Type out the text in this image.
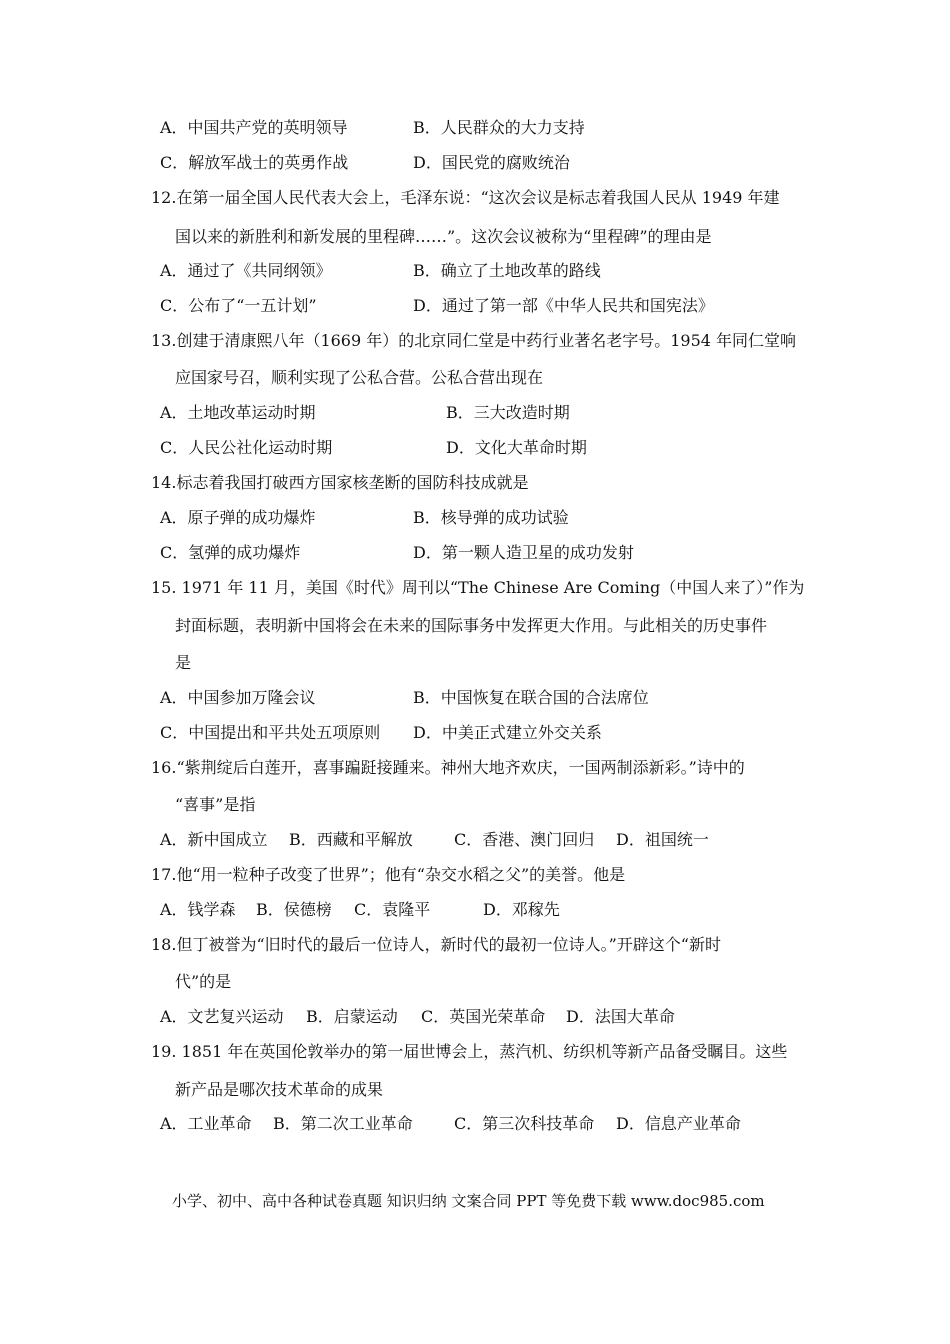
A．中国共产党的英明领导	B．人民群众的大力支持
C．解放军战士的英勇作战	D．国民党的腐败统治
12.在第一届全国人民代表大会上，毛泽东说：“这次会议是标志着我国人民从 1949 年建
国以来的新胜利和新发展的里程碑……”。这次会议被称为“里程碑”的理由是
A．通过了《共同纲领》	B．确立了土地改革的路线
C．公布了“一五计划”	D．通过了第一部《中华人民共和国宪法》
13.创建于清康熙八年（1669 年）的北京同仁堂是中药行业著名老字号。1954 年同仁堂响
应国家号召，顺利实现了公私合营。公私合营出现在
A．土地改革运动时期	B．三大改造时期
C．人民公社化运动时期	D．文化大革命时期
14.标志着我国打破西方国家核垄断的国防科技成就是
A．原子弹的成功爆炸	B．核导弹的成功试验
C．氢弹的成功爆炸	D．第一颗人造卫星的成功发射
15. 1971 年 11 月，美国《时代》周刊以“The Chinese Are Coming（中国人来了）”作为
封面标题，表明新中国将会在未来的国际事务中发挥更大作用。与此相关的历史事件
是
A．中国参加万隆会议	B．中国恢复在联合国的合法席位
C．中国提出和平共处五项原则 D．中美正式建立外交关系
16.“紫荆绽后白莲开，喜事蹁跹接踵来。神州大地齐欢庆，一国两制添新彩。”诗中的
“喜事”是指
A．新中国成立 B．西藏和平解放	C．香港、澳门回归 D．祖国统一
17.他“用一粒种子改变了世界”；他有“杂交水稻之父”的美誉。他是
A．钱学森 B．侯德榜 C．袁隆平	D．邓稼先
18.但丁被誉为“旧时代的最后一位诗人，新时代的最初一位诗人。”开辟这个“新时
代”的是
A．文艺复兴运动 B．启蒙运动 C．英国光荣革命 D．法国大革命
19. 1851 年在英国伦敦举办的第一届世博会上，蒸汽机、纺织机等新产品备受瞩目。这些
新产品是哪次技术革命的成果
A．工业革命 B．第二次工业革命	C．第三次科技革命 D．信息产业革命
小学、初中、高中各种试卷真题 知识归纳 文案合同 PPT 等免费下载 www.doc985.com
